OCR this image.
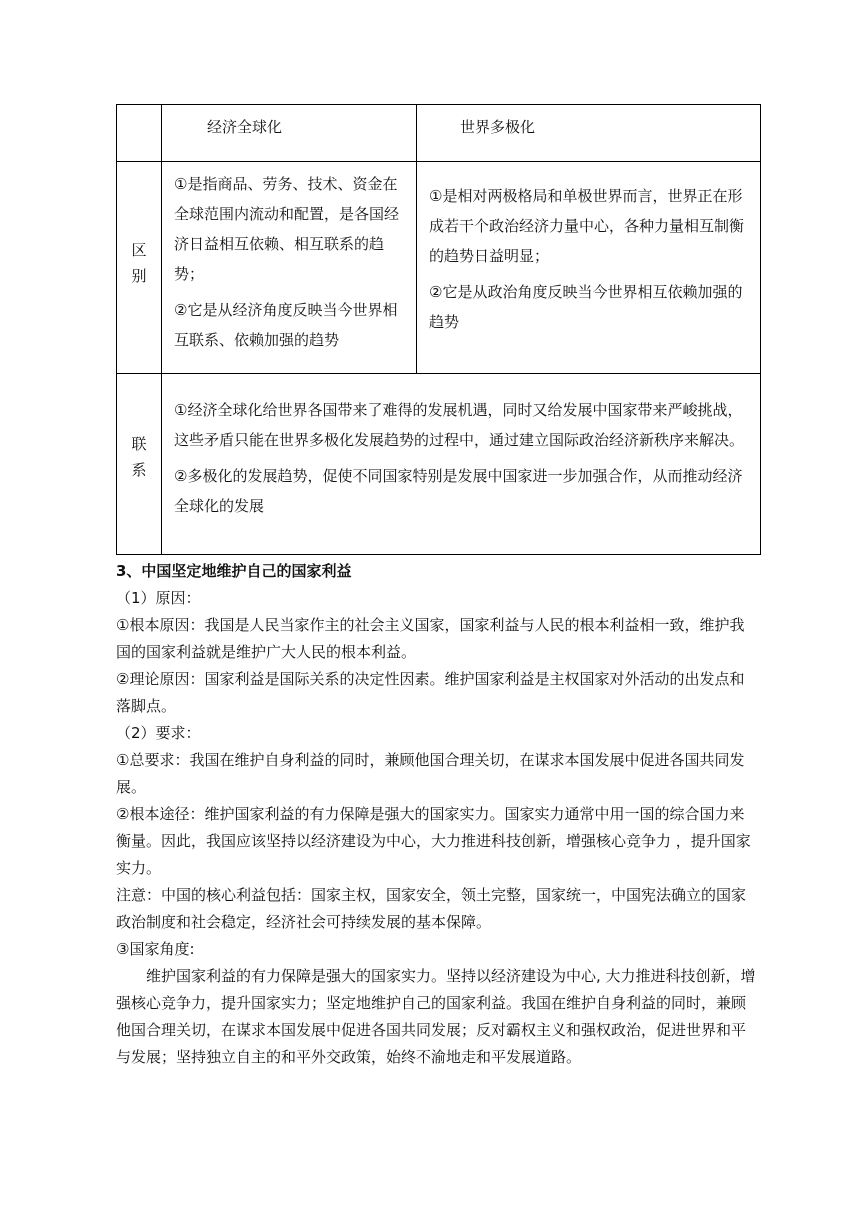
经济全球化	世界多极化
区
别

①是指商品、劳务、技术、资金在全球范围内流动和配置，是各国经济日益相互依赖、相互联系的趋势；

②它是从经济角度反映当今世界相互联系、依赖加强的趋势

①是相对两极格局和单极世界而言，世界正在形成若干个政治经济力量中心，各种力量相互制衡的趋势日益明显；

②它是从政治角度反映当今世界相互依赖加强的趋势

联
系

①经济全球化给世界各国带来了难得的发展机遇，同时又给发展中国家带来严峻挑战，这些矛盾只能在世界多极化发展趋势的过程中，通过建立国际政治经济新秩序来解决。

②多极化的发展趋势，促使不同国家特别是发展中国家进一步加强合作，从而推动经济全球化的发展

3、中国坚定地维护自己的国家利益

（1）原因：

①根本原因：我国是人民当家作主的社会主义国家，国家利益与人民的根本利益相一致，维护我国的国家利益就是维护广大人民的根本利益。

②理论原因：国家利益是国际关系的决定性因素。维护国家利益是主权国家对外活动的出发点和落脚点。

（2）要求：

①总要求：我国在维护自身利益的同时，兼顾他国合理关切，在谋求本国发展中促进各国共同发展。

②根本途径：维护国家利益的有力保障是强大的国家实力。国家实力通常中用一国的综合国力来衡量。因此，我国应该坚持以经济建设为中心，大力推进科技创新，增强核心竞争力 ，提升国家实力。

注意：中国的核心利益包括：国家主权，国家安全，领土完整，国家统一，中国宪法确立的国家政治制度和社会稳定，经济社会可持续发展的基本保障。

③国家角度:

维护国家利益的有力保障是强大的国家实力。坚持以经济建设为中心, 大力推进科技创新，增强核心竞争力，提升国家实力；坚定地维护自己的国家利益。我国在维护自身利益的同时，兼顾他国合理关切，在谋求本国发展中促进各国共同发展；反对霸权主义和强权政治，促进世界和平与发展；坚持独立自主的和平外交政策，始终不渝地走和平发展道路。
